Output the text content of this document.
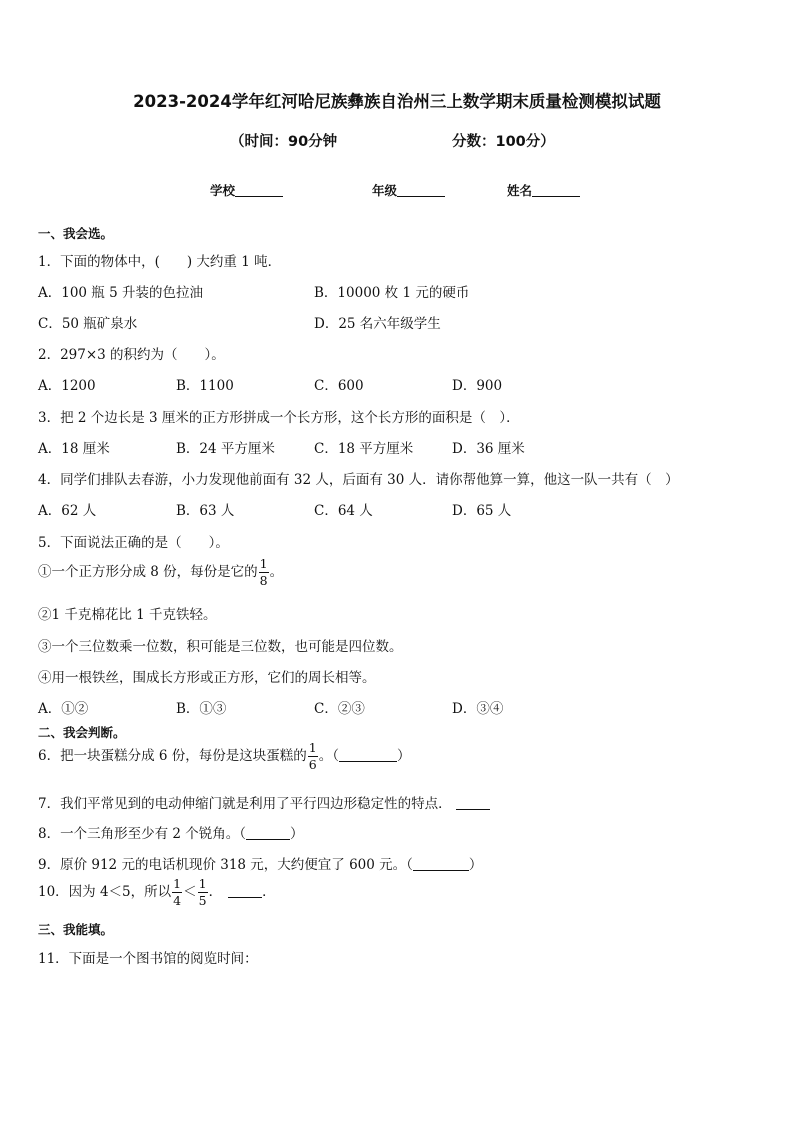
2023-2024学年红河哈尼族彝族自治州三上数学期末质量检测模拟试题
（时间：90分钟	分数：100分）
学校	年级	姓名
一、我会选。
1．下面的物体中，(　　) 大约重 1 吨．
A．100 瓶 5 升装的色拉油	B．10000 枚 1 元的硬币
C．50 瓶矿泉水	D．25 名六年级学生
2．297×3 的积约为（　　）。
A．1200	B．1100	C．600	D．900
3．把 2 个边长是 3 厘米的正方形拼成一个长方形，这个长方形的面积是（　）．
A．18 厘米	B．24 平方厘米	C．18 平方厘米	D．36 厘米
4．同学们排队去春游，小力发现他前面有 32 人，后面有 30 人．请你帮他算一算，他这一队一共有（　）
A．62 人	B．63 人	C．64 人	D．65 人
5．下面说法正确的是（　　）。
①一个正方形分成 8 份，每份是它的 $\frac{1}{8}$ 。
②1 千克棉花比 1 千克铁轻。
③一个三位数乘一位数，积可能是三位数，也可能是四位数。
④用一根铁丝，围成长方形或正方形，它们的周长相等。
A．①②	B．①③	C．②③	D．③④
二、我会判断。
6．把一块蛋糕分成 6 份，每份是这块蛋糕的 $\frac{1}{6}$ 。（	）
7．我们平常见到的电动伸缩门就是利用了平行四边形稳定性的特点．
8．一个三角形至少有 2 个锐角。（	）
9．原价 912 元的电话机现价 318 元，大约便宜了 600 元。（	）
10．因为 4＜5，所以 $\frac{1}{4} < \frac{1}{5}$ ．	．
三、我能填。
11．下面是一个图书馆的阅览时间：
